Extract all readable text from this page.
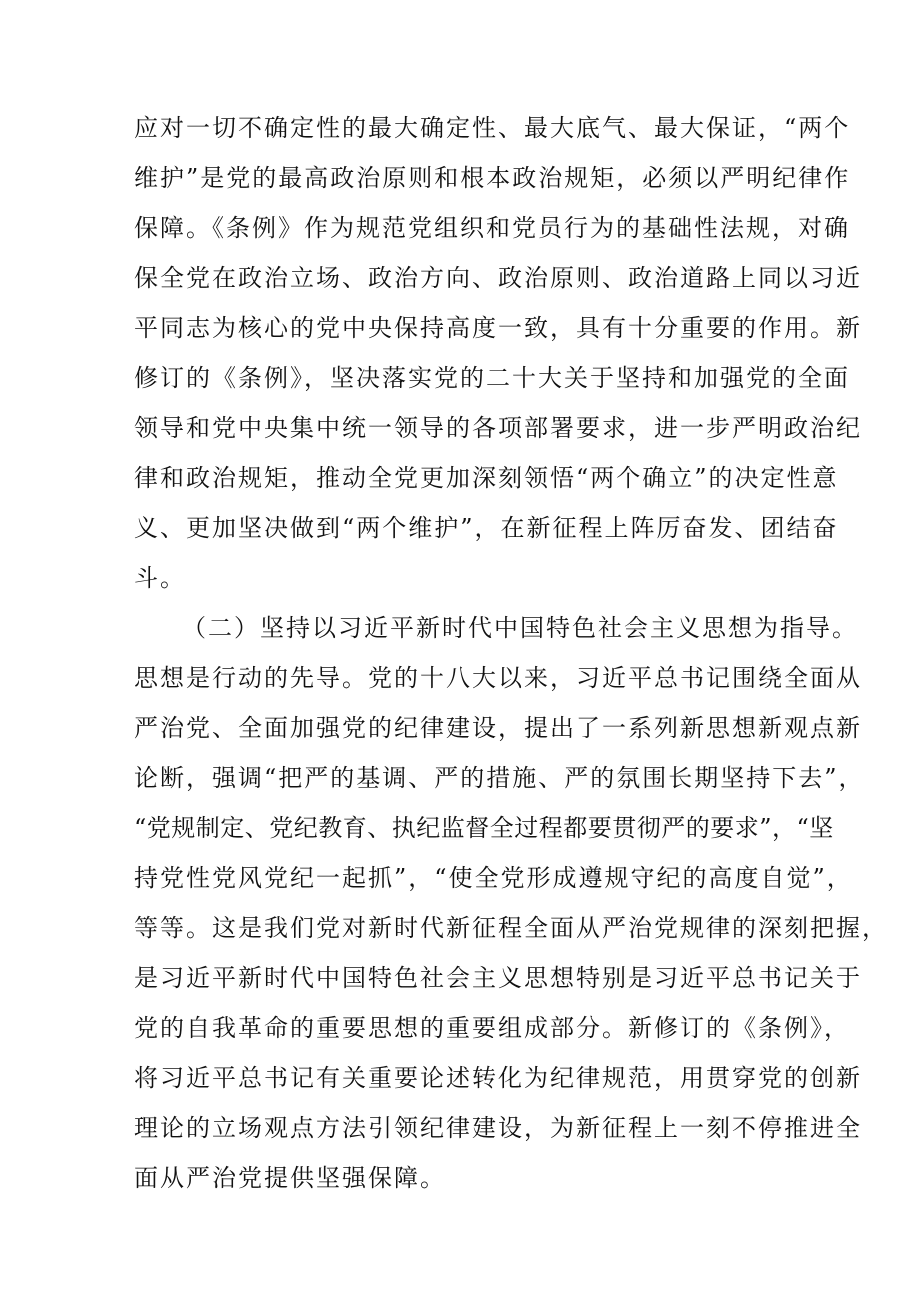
应对一切不确定性的最大确定性、最大底气、最大保证，“两个
维护”是党的最高政治原则和根本政治规矩，必须以严明纪律作
保障。《条例》作为规范党组织和党员行为的基础性法规，对确
保全党在政治立场、政治方向、政治原则、政治道路上同以习近
平同志为核心的党中央保持高度一致，具有十分重要的作用。新
修订的《条例》，坚决落实党的二十大关于坚持和加强党的全面
领导和党中央集中统一领导的各项部署要求，进一步严明政治纪
律和政治规矩，推动全党更加深刻领悟“两个确立”的决定性意
义、更加坚决做到“两个维护”，在新征程上阵厉奋发、团结奋
斗。
（二）坚持以习近平新时代中国特色社会主义思想为指导。
思想是行动的先导。党的十八大以来，习近平总书记围绕全面从
严治党、全面加强党的纪律建设，提出了一系列新思想新观点新
论断，强调“把严的基调、严的措施、严的氛围长期坚持下去”，
“党规制定、党纪教育、执纪监督全过程都要贯彻严的要求”，“坚
持党性党风党纪一起抓”，“使全党形成遵规守纪的高度自觉”，
等等。这是我们党对新时代新征程全面从严治党规律的深刻把握，
是习近平新时代中国特色社会主义思想特别是习近平总书记关于
党的自我革命的重要思想的重要组成部分。新修订的《条例》，
将习近平总书记有关重要论述转化为纪律规范，用贯穿党的创新
理论的立场观点方法引领纪律建设，为新征程上一刻不停推进全
面从严治党提供坚强保障。
